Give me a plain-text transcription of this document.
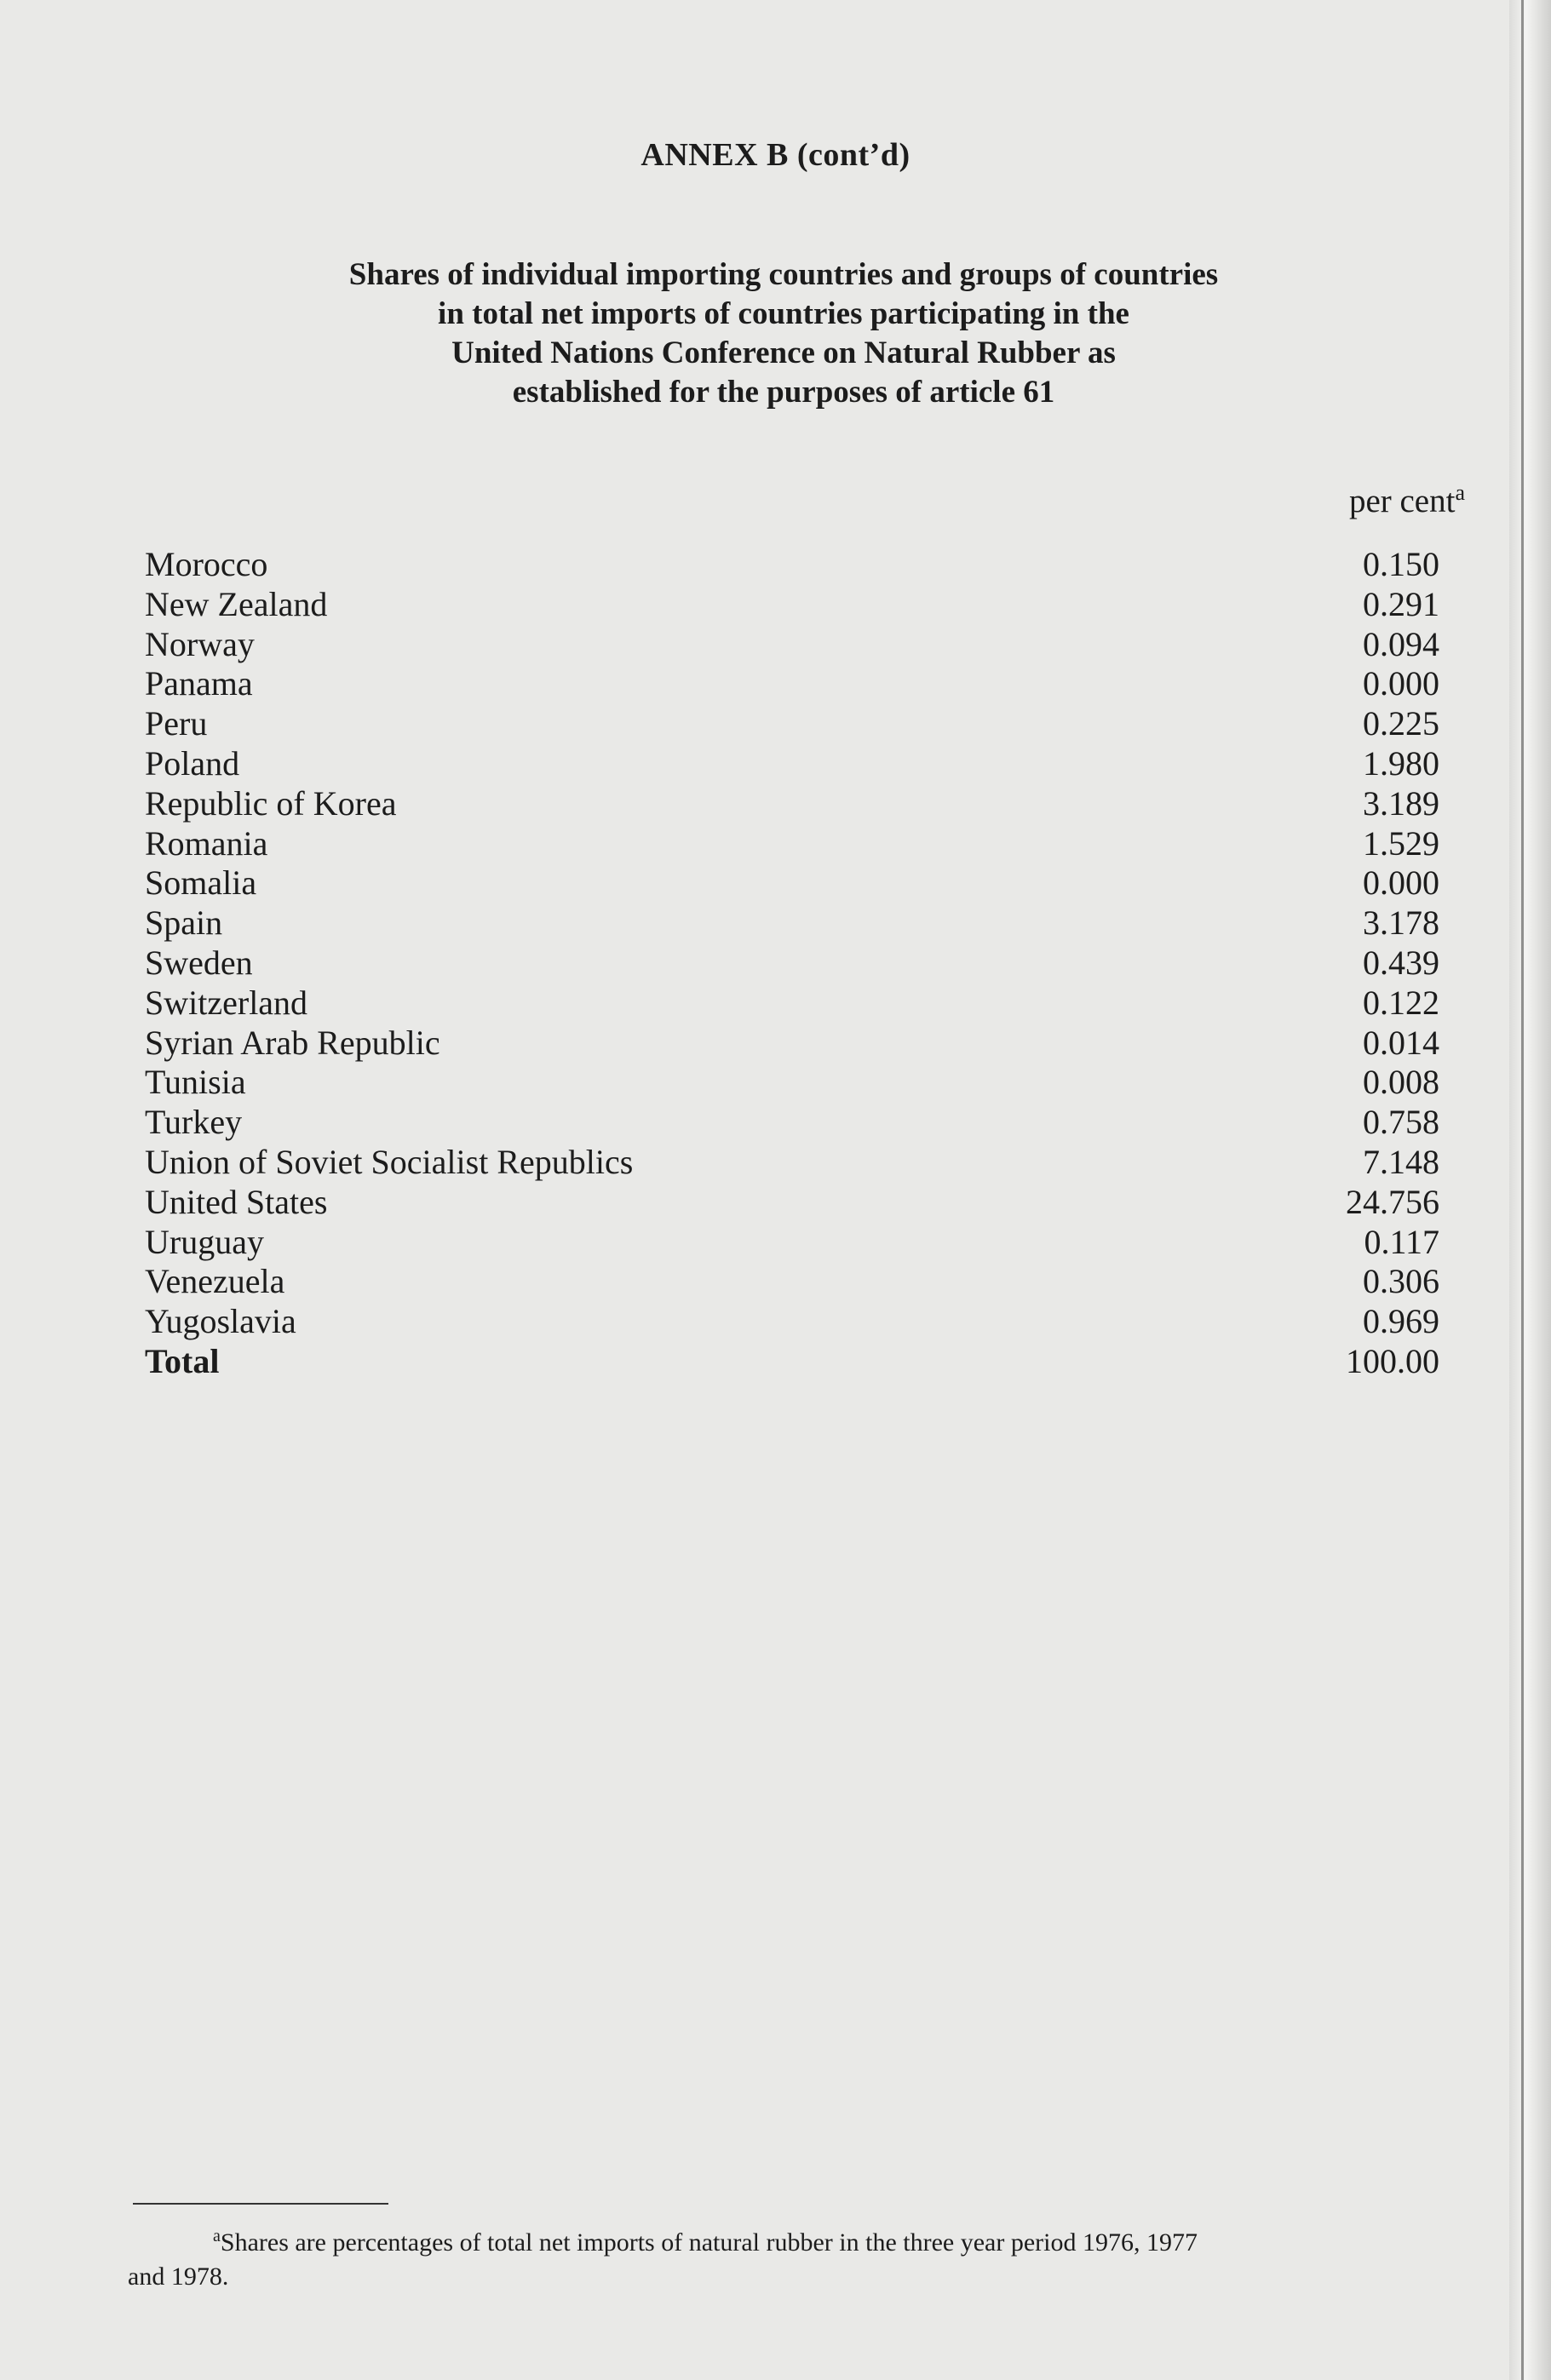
ANNEX B (cont’d)
Shares of individual importing countries and groups of countries
in total net imports of countries participating in the
United Nations Conference on Natural Rubber as
established for the purposes of article 61
per cent$^a$
Morocco	0.150
New Zealand	0.291
Norway	0.094
Panama	0.000
Peru	0.225
Poland	1.980
Republic of Korea	3.189
Romania	1.529
Somalia	0.000
Spain	3.178
Sweden	0.439
Switzerland	0.122
Syrian Arab Republic	0.014
Tunisia	0.008
Turkey	0.758
Union of Soviet Socialist Republics	7.148
United States	24.756
Uruguay	0.117
Venezuela	0.306
Yugoslavia	0.969
Total	100.00
$^a$Shares are percentages of total net imports of natural rubber in the three year period 1976, 1977
and 1978.
